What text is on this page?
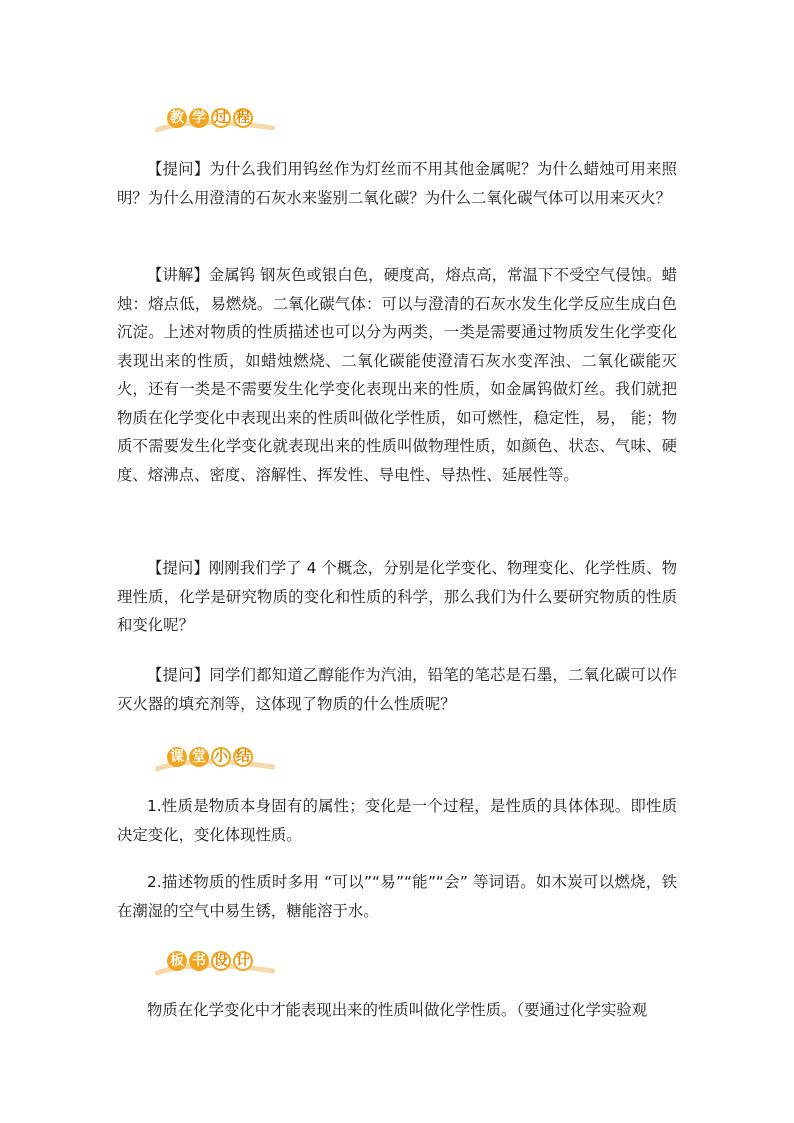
教 学 过 程

【提问】为什么我们用钨丝作为灯丝而不用其他金属呢？为什么蜡烛可用来照明？为什么用澄清的石灰水来鉴别二氧化碳？为什么二氧化碳气体可以用来灭火？

【讲解】金属钨 钢灰色或银白色，硬度高，熔点高，常温下不受空气侵蚀。蜡烛：熔点低，易燃烧。二氧化碳气体：可以与澄清的石灰水发生化学反应生成白色沉淀。上述对物质的性质描述也可以分为两类，一类是需要通过物质发生化学变化表现出来的性质，如蜡烛燃烧、二氧化碳能使澄清石灰水变浑浊、二氧化碳能灭火，还有一类是不需要发生化学变化表现出来的性质，如金属钨做灯丝。我们就把物质在化学变化中表现出来的性质叫做化学性质，如可燃性，稳定性，易， 能；物质不需要发生化学变化就表现出来的性质叫做物理性质，如颜色、状态、气味、硬度、熔沸点、密度、溶解性、挥发性、导电性、导热性、延展性等。

【提问】刚刚我们学了 4 个概念，分别是化学变化、物理变化、化学性质、物理性质，化学是研究物质的变化和性质的科学，那么我们为什么要研究物质的性质和变化呢？

【提问】同学们都知道乙醇能作为汽油，铅笔的笔芯是石墨，二氧化碳可以作灭火器的填充剂等，这体现了物质的什么性质呢？

课 堂 小 结

1.性质是物质本身固有的属性；变化是一个过程，是性质的具体体现。即性质决定变化，变化体现性质。

2.描述物质的性质时多用 “可以”“易”“能”“会” 等词语。如木炭可以燃烧，铁在潮湿的空气中易生锈，糖能溶于水。

板 书 设 计

物质在化学变化中才能表现出来的性质叫做化学性质。（要通过化学实验观
